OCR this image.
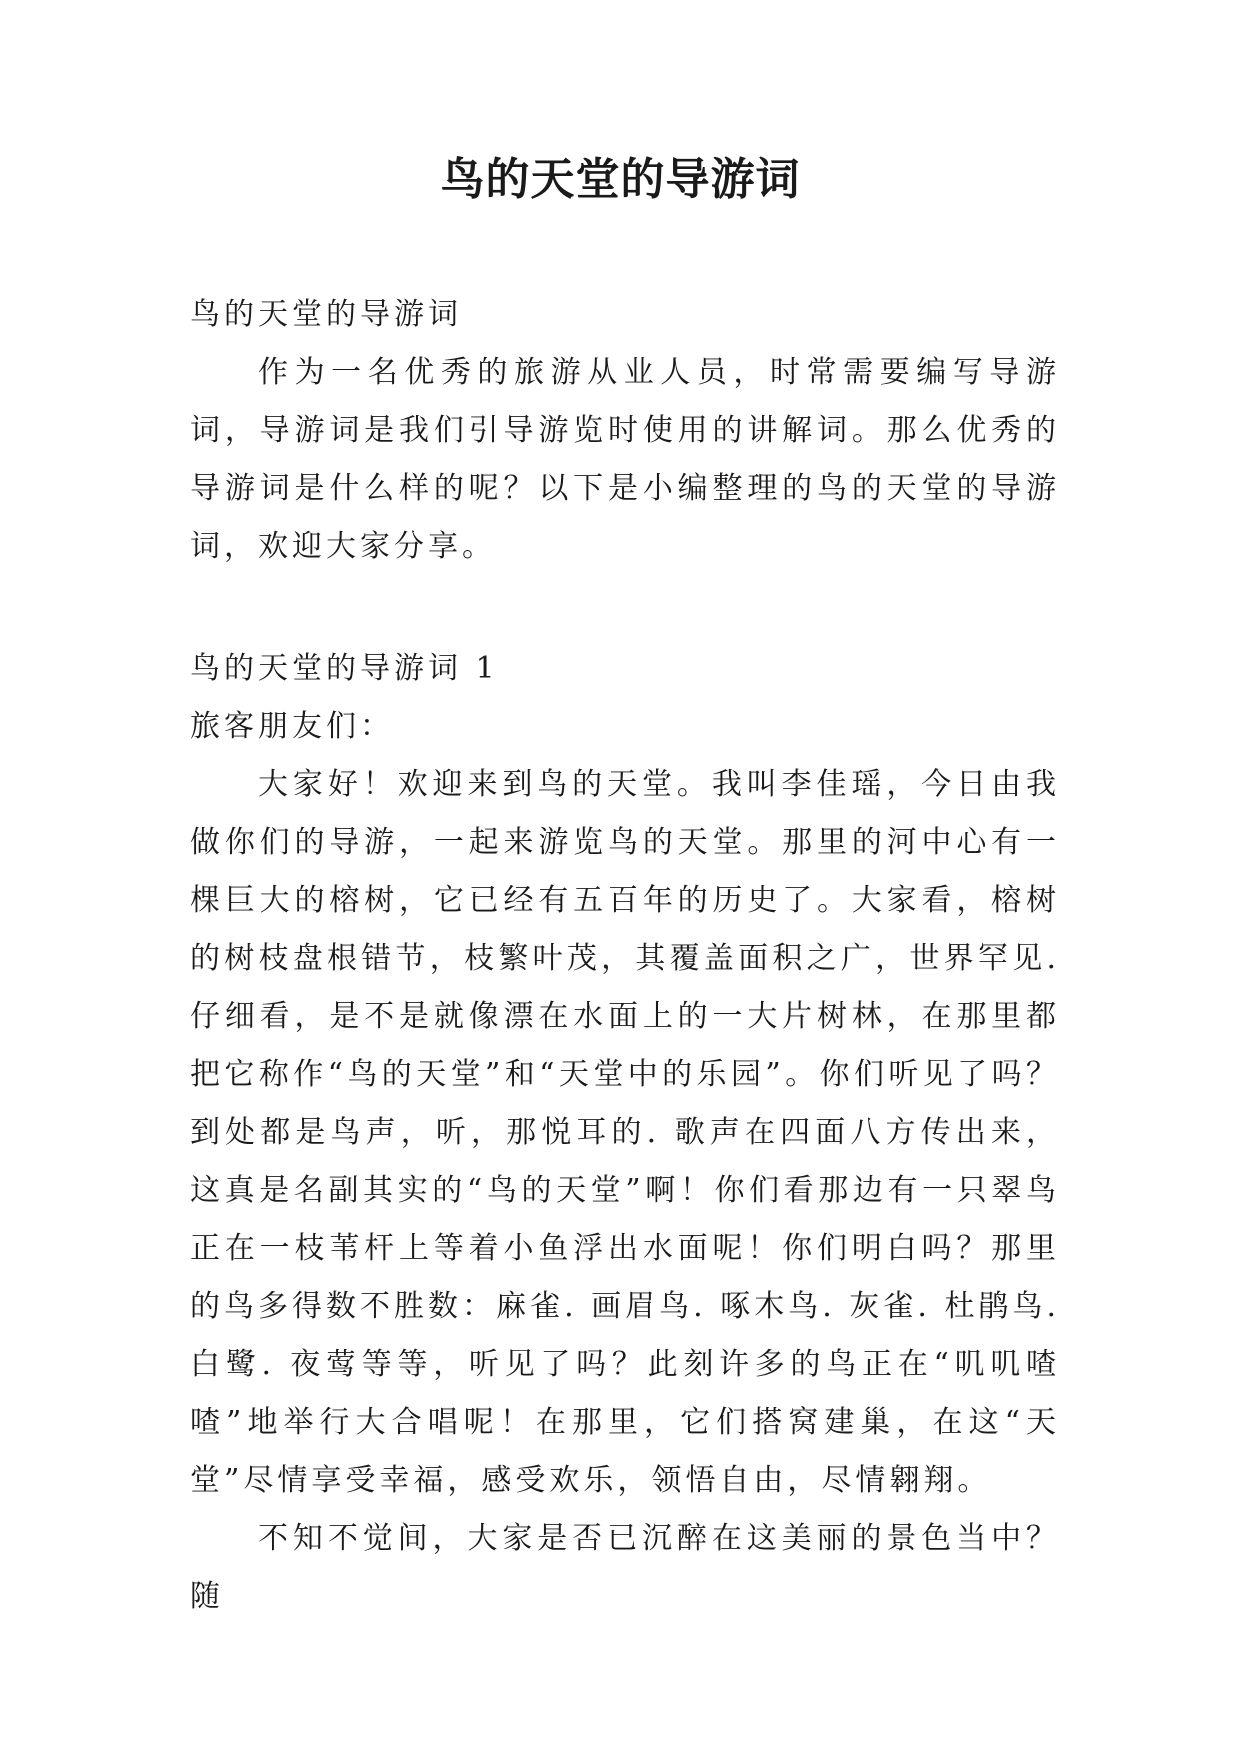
鸟的天堂的导游词

鸟的天堂的导游词

作为一名优秀的旅游从业人员，时常需要编写导游词，导游词是我们引导游览时使用的讲解词。那么优秀的导游词是什么样的呢？以下是小编整理的鸟的天堂的导游词，欢迎大家分享。

鸟的天堂的导游词 1

旅客朋友们：

大家好！欢迎来到鸟的天堂。我叫李佳瑶，今日由我做你们的导游，一起来游览鸟的天堂。那里的河中心有一棵巨大的榕树，它已经有五百年的历史了。大家看，榕树的树枝盘根错节，枝繁叶茂，其覆盖面积之广，世界罕见. 仔细看，是不是就像漂在水面上的一大片树林，在那里都把它称作“鸟的天堂”和“天堂中的乐园”。你们听见了吗？到处都是鸟声，听，那悦耳的. 歌声在四面八方传出来，这真是名副其实的“鸟的天堂”啊！你们看那边有一只翠鸟正在一枝苇杆上等着小鱼浮出水面呢！你们明白吗？那里的鸟多得数不胜数：麻雀. 画眉鸟. 啄木鸟. 灰雀. 杜鹃鸟. 白鹭. 夜莺等等，听见了吗？此刻许多的鸟正在“叽叽喳喳”地举行大合唱呢！在那里，它们搭窝建巢，在这“天堂”尽情享受幸福，感受欢乐，领悟自由，尽情翱翔。

不知不觉间，大家是否已沉醉在这美丽的景色当中？随
